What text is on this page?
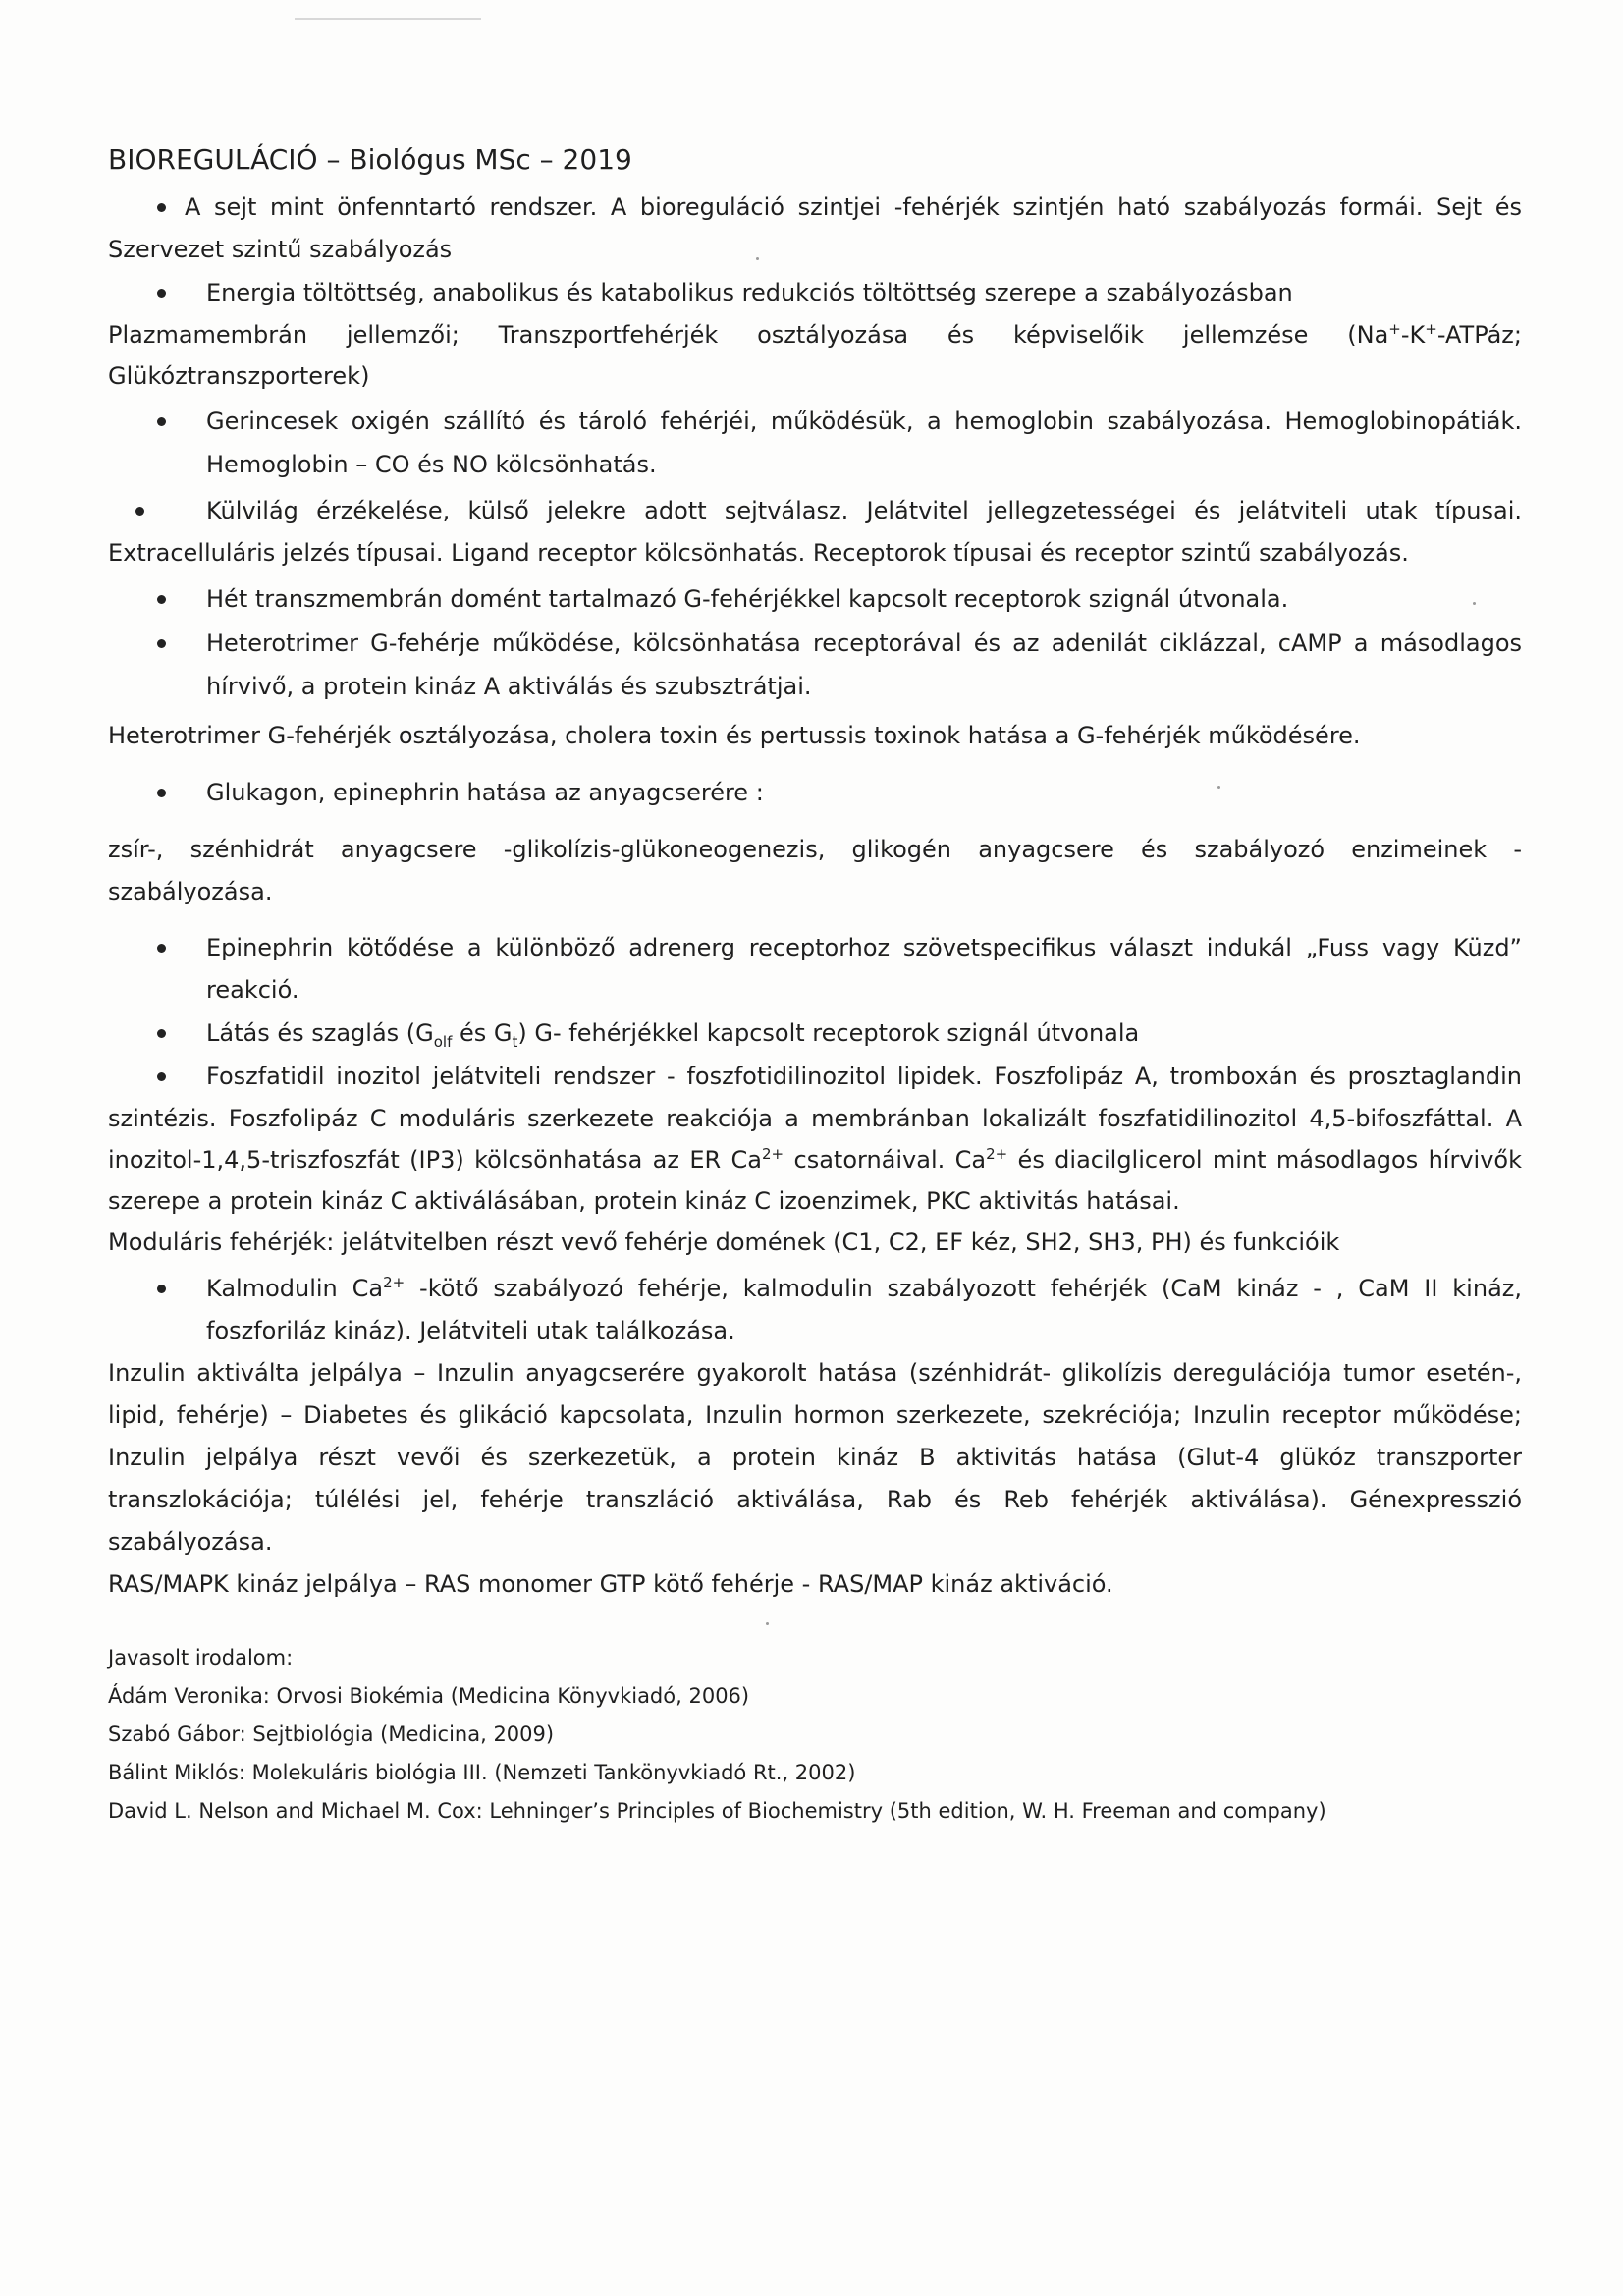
BIOREGULÁCIÓ – Biológus MSc – 2019
A sejt mint önfenntartó rendszer. A bioreguláció szintjei -fehérjék szintjén ható szabályozás formái. Sejt és
Szervezet szintű szabályozás
Energia töltöttség, anabolikus és katabolikus redukciós töltöttség szerepe a szabályozásban
Plazmamembrán jellemzői; Transzportfehérjék osztályozása és képviselőik jellemzése (Na+-K+-ATPáz;
Glükóztranszporterek)
Gerincesek oxigén szállító és tároló fehérjéi, működésük, a hemoglobin szabályozása. Hemoglobinopátiák.
Hemoglobin – CO és NO kölcsönhatás.
Külvilág érzékelése, külső jelekre adott sejtválasz. Jelátvitel jellegzetességei és jelátviteli utak típusai.
Extracelluláris jelzés típusai. Ligand receptor kölcsönhatás. Receptorok típusai és receptor szintű szabályozás.
Hét transzmembrán domént tartalmazó G-fehérjékkel kapcsolt receptorok szignál útvonala.
Heterotrimer G-fehérje működése, kölcsönhatása receptorával és az adenilát ciklázzal, cAMP a másodlagos
hírvivő, a protein kináz A aktiválás és szubsztrátjai.
Heterotrimer G-fehérjék osztályozása, cholera toxin és pertussis toxinok hatása a G-fehérjék működésére.
Glukagon, epinephrin hatása az anyagcserére :
zsír-, szénhidrát anyagcsere -glikolízis-glükoneogenezis, glikogén anyagcsere és szabályozó enzimeinek -
szabályozása.
Epinephrin kötődése a különböző adrenerg receptorhoz szövetspecifikus választ indukál „Fuss vagy Küzd”
reakció.
Látás és szaglás ($G_{olf}$ és $G_t$) G- fehérjékkel kapcsolt receptorok szignál útvonala
Foszfatidil inozitol jelátviteli rendszer - foszfotidilinozitol lipidek. Foszfolipáz A, tromboxán és prosztaglandin
szintézis. Foszfolipáz C moduláris szerkezete reakciója a membránban lokalizált foszfatidilinozitol 4,5-bifoszfáttal. A
inozitol-1,4,5-triszfoszfát (IP3) kölcsönhatása az ER $Ca^{2+}$ csatornáival. $Ca^{2+}$ és diacilglicerol mint másodlagos hírvivők
szerepe a protein kináz C aktiválásában, protein kináz C izoenzimek, PKC aktivitás hatásai.
Moduláris fehérjék: jelátvitelben részt vevő fehérje domének (C1, C2, EF kéz, SH2, SH3, PH) és funkcióik
Kalmodulin $Ca^{2+}$ -kötő szabályozó fehérje, kalmodulin szabályozott fehérjék (CaM kináz - , CaM II kináz,
foszforiláz kináz). Jelátviteli utak találkozása.
Inzulin aktiválta jelpálya – Inzulin anyagcserére gyakorolt hatása (szénhidrát- glikolízis deregulációja tumor esetén-,
lipid, fehérje) – Diabetes és glikáció kapcsolata, Inzulin hormon szerkezete, szekréciója; Inzulin receptor működése;
Inzulin jelpálya részt vevői és szerkezetük, a protein kináz B aktivitás hatása (Glut-4 glükóz transzporter
transzlokációja; túlélési jel, fehérje transzláció aktiválása, Rab és Reb fehérjék aktiválása). Génexpresszió
szabályozása.
RAS/MAPK kináz jelpálya – RAS monomer GTP kötő fehérje - RAS/MAP kináz aktiváció.
Javasolt irodalom:
Ádám Veronika: Orvosi Biokémia (Medicina Könyvkiadó, 2006)
Szabó Gábor: Sejtbiológia (Medicina, 2009)
Bálint Miklós: Molekuláris biológia III. (Nemzeti Tankönyvkiadó Rt., 2002)
David L. Nelson and Michael M. Cox: Lehninger’s Principles of Biochemistry (5th edition, W. H. Freeman and company)
